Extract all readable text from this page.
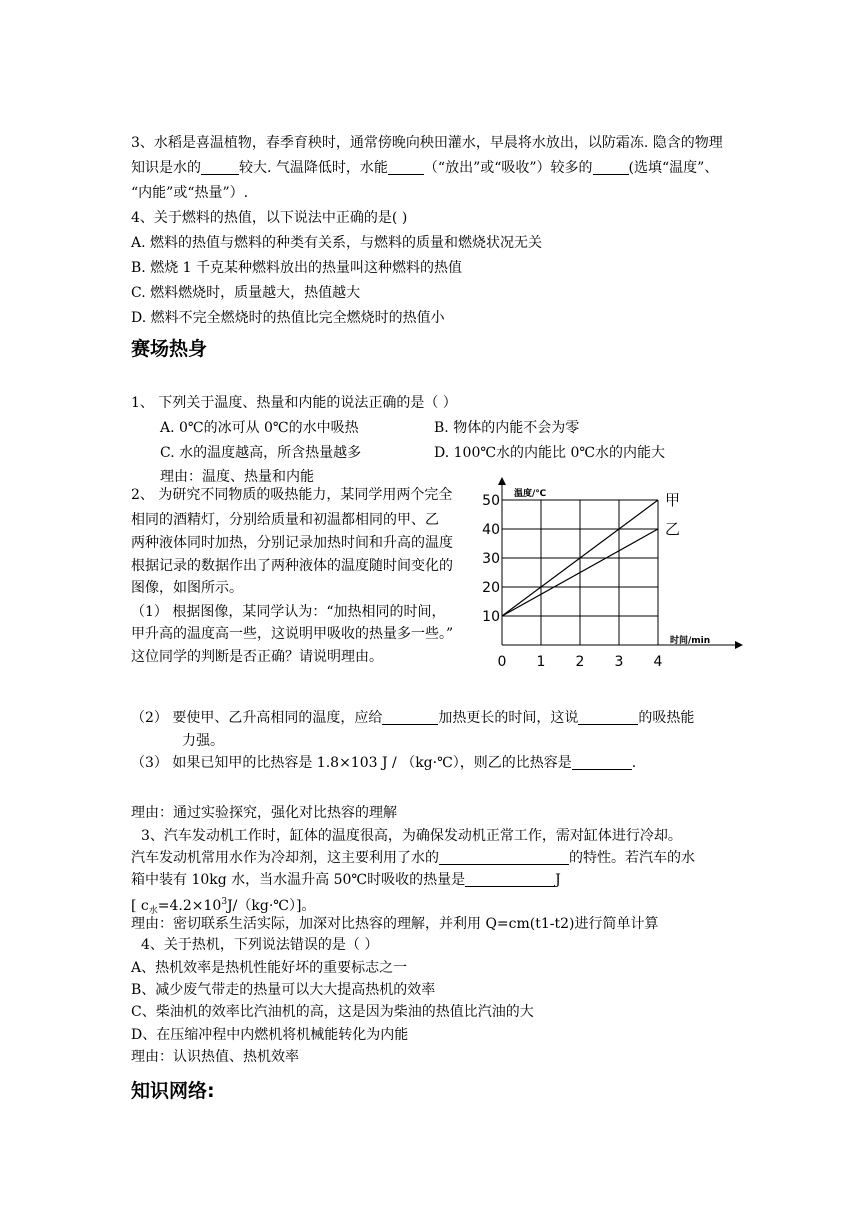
3、水稻是喜温植物，春季育秧时，通常傍晚向秧田灌水，早晨将水放出，以防霜冻. 隐含的物理
知识是水的	较大. 气温降低时，水能	（“放出”或“吸收”）较多的	(选填“温度”、
“内能”或“热量”）.
4、关于燃料的热值，以下说法中正确的是( )
A. 燃料的热值与燃料的种类有关系，与燃料的质量和燃烧状况无关
B. 燃烧 1 千克某种燃料放出的热量叫这种燃料的热值
C. 燃料燃烧时，质量越大，热值越大
D. 燃料不完全燃烧时的热值比完全燃烧时的热值小
赛场热身
1、 下列关于温度、热量和内能的说法正确的是（ ）
A. 0℃的冰可从 0℃的水中吸热	B. 物体的内能不会为零
C. 水的温度越高，所含热量越多	D. 100℃水的内能比 0℃水的内能大
理由：温度、热量和内能
2、 为研究不同物质的吸热能力，某同学用两个完全
相同的酒精灯，分别给质量和初温都相同的甲、乙
两种液体同时加热，分别记录加热时间和升高的温度
根据记录的数据作出了两种液体的温度随时间变化的
图像，如图所示。
（1） 根据图像，某同学认为：“加热相同的时间，
甲升高的温度高一些，这说明甲吸收的热量多一些。”
这位同学的判断是否正确？请说明理由。
甲
乙
0 1 2 3 4
10
20
30
40
50 温度/℃
时间/min
（2） 要使甲、乙升高相同的温度，应给	加热更长的时间，这说	的吸热能
力强。
（3） 如果已知甲的比热容是 1.8×103 J / （kg·℃），则乙的比热容是	.
理由：通过实验探究，强化对比热容的理解
3、汽车发动机工作时，缸体的温度很高，为确保发动机正常工作，需对缸体进行冷却。
汽车发动机常用水作为冷却剂，这主要利用了水的	的特性。若汽车的水
箱中装有 10kg 水，当水温升高 50℃时吸收的热量是	J
[ $c_水=4.2\times 10^3J/(kg\cdot℃)$]。
理由：密切联系生活实际，加深对比热容的理解，并利用 Q=cm(t1-t2)进行简单计算
4、关于热机，下列说法错误的是（ ）
A、热机效率是热机性能好坏的重要标志之一
B、减少废气带走的热量可以大大提高热机的效率
C、柴油机的效率比汽油机的高，这是因为柴油的热值比汽油的大
D、在压缩冲程中内燃机将机械能转化为内能
理由：认识热值、热机效率
知识网络:
